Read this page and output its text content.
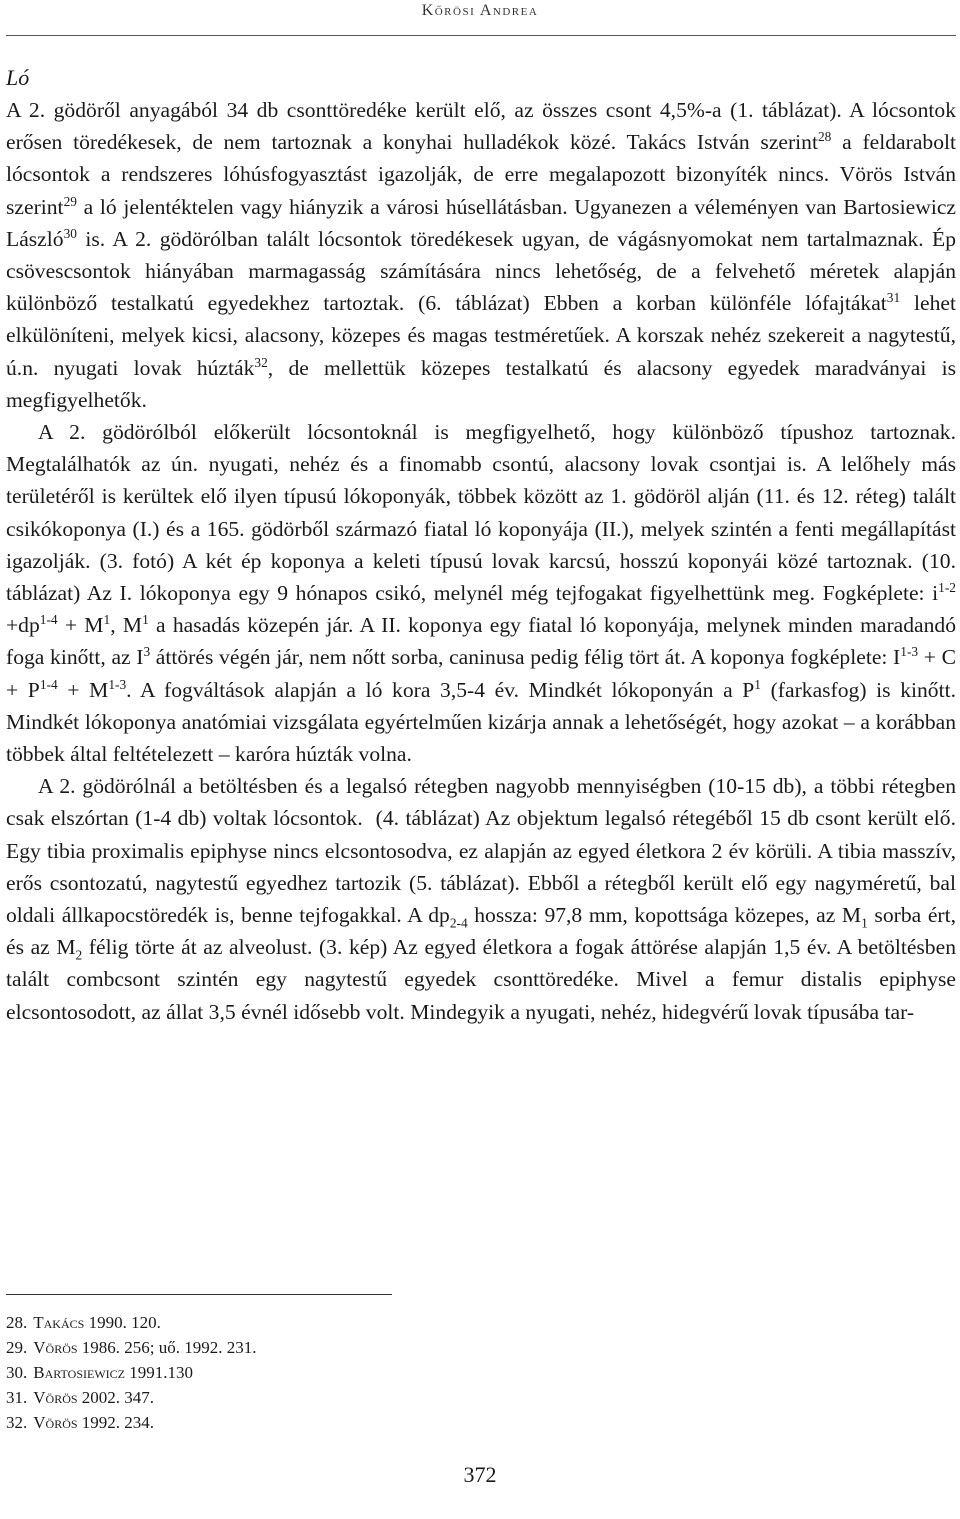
Kőrösi Andrea
Ló

A 2. gödöről anyagából 34 db csonttöredéke került elő, az összes csont 4,5%-a (1. táblázat). A lócsontok erősen töredékesek, de nem tartoznak a konyhai hulladékok közé. Takács István szerint$^{28}$ a feldarabolt lócsontok a rendszeres lóhúsfogyasztást igazolják, de erre megalapozott bizonyíték nincs. Vörös István szerint$^{29}$ a ló jelentéktelen vagy hiányzik a városi húsellátásban. Ugyanezen a véleményen van Bartosiewicz László$^{30}$ is. A 2. gödörólban talált lócsontok töredékesek ugyan, de vágásnyomokat nem tartalmaznak. Ép csövescsontok hiányában marmagasság számítására nincs lehetőség, de a felvehető méretek alapján különböző testalkatú egyedekhez tartoztak. (6. táblázat) Ebben a korban különféle lófajtákat$^{31}$ lehet elkülöníteni, melyek kicsi, alacsony, közepes és magas testméretűek. A korszak nehéz szekereit a nagytestű, ú.n. nyugati lovak húzták$^{32}$, de mellettük közepes testalkatú és alacsony egyedek maradványai is megfigyelhetők.

A 2. gödörólból előkerült lócsontoknál is megfigyelhető, hogy különböző típushoz tartoznak. Megtalálhatók az ún. nyugati, nehéz és a finomabb csontú, alacsony lovak csontjai is. A lelőhely más területéről is kerültek elő ilyen típusú lókoponyák, többek között az 1. gödöröl alján (11. és 12. réteg) talált csikókoponya (I.) és a 165. gödörből származó fiatal ló koponyája (II.), melyek szintén a fenti megállapítást igazolják. (3. fotó) A két ép koponya a keleti típusú lovak karcsú, hosszú koponyái közé tartoznak. (10. táblázat) Az I. lókoponya egy 9 hónapos csikó, melynél még tejfogakat figyelhettünk meg. Fogképlete: $i^{1-2} +dp^{1-4} + M^1$, $M^1$ a hasadás közepén jár. A II. koponya egy fiatal ló koponyája, melynek minden maradandó foga kinőtt, az $I^3$ áttörés végén jár, nem nőtt sorba, caninusa pedig félig tört át. A koponya fogképlete: $I^{1-3} + C + P^{1-4} + M^{1-3}$. A fogváltások alapján a ló kora 3,5-4 év. Mindkét lókoponyán a $P^1$ (farkasfog) is kinőtt. Mindkét lókoponya anatómiai vizsgálata egyértelműen kizárja annak a lehetőségét, hogy azokat – a korábban többek által feltételezett – karóra húzták volna.

A 2. gödörólnál a betöltésben és a legalsó rétegben nagyobb mennyiségben (10-15 db), a többi rétegben csak elszórtan (1-4 db) voltak lócsontok.  (4. táblázat) Az objektum legalsó rétegéből 15 db csont került elő. Egy tibia proximalis epiphyse nincs elcsontosodva, ez alapján az egyed életkora 2 év körüli. A tibia masszív, erős csontozatú, nagytestű egyedhez tartozik (5. táblázat). Ebből a rétegből került elő egy nagyméretű, bal oldali állkapocstöredék is, benne tejfogakkal. A $dp_{2-4}$ hossza: 97,8 mm, kopottsága közepes, az $M_1$ sorba ért, és az $M_2$ félig törte át az alveolust. (3. kép) Az egyed életkora a fogak áttörése alapján 1,5 év. A betöltésben talált combcsont szintén egy nagytestű egyedek csonttöredéke. Mivel a femur distalis epiphyse elcsontosodott, az állat 3,5 évnél idősebb volt. Mindegyik a nyugati, nehéz, hidegvérű lovak típusába tar-

28. Takács 1990. 120.
29. Vörös 1986. 256; uő. 1992. 231.
30. Bartosiewicz 1991.130
31. Vörös 2002. 347.
32. Vörös 1992. 234.
372
